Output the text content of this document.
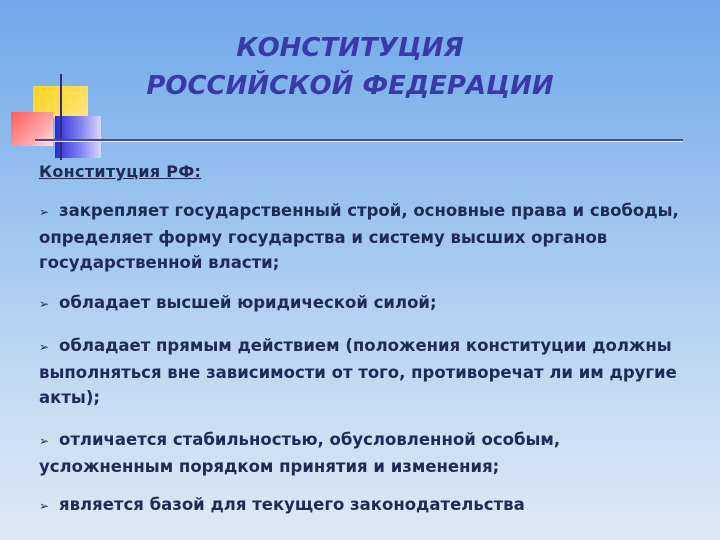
КОНСТИТУЦИЯ
РОССИЙСКОЙ ФЕДЕРАЦИИ
Конституция РФ:
➢ закрепляет государственный строй, основные права и свободы, определяет форму государства и систему высших органов государственной власти;
➢ обладает высшей юридической силой;
➢ обладает прямым действием (положения конституции должны выполняться вне зависимости от того, противоречат ли им другие акты);
➢ отличается стабильностью, обусловленной особым, усложненным порядком принятия и изменения;
➢ является базой для текущего законодательства
